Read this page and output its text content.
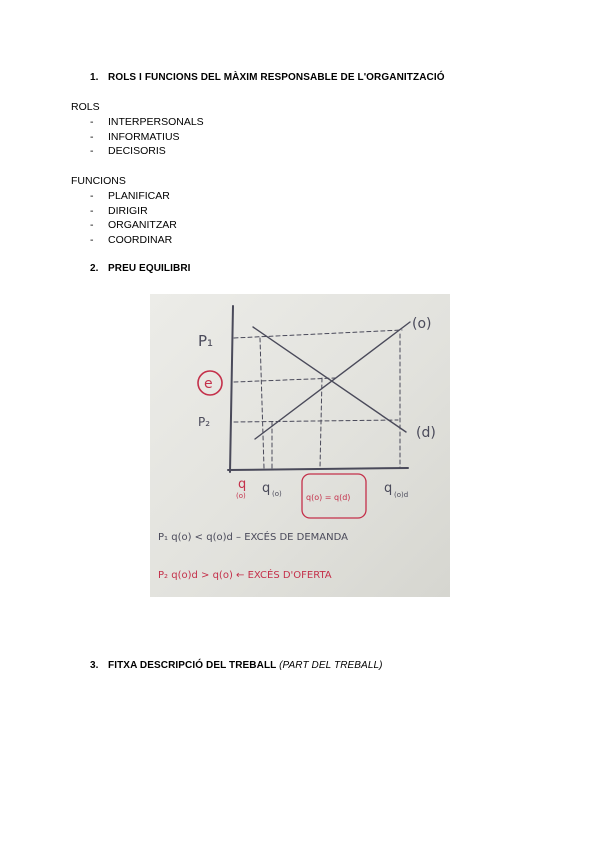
1. ROLS I FUNCIONS DEL MÀXIM RESPONSABLE DE L'ORGANITZACIÓ
ROLS
- INTERPERSONALS
- INFORMATIUS
- DECISORIS
FUNCIONS
- PLANIFICAR
- DIRIGIR
- ORGANITZAR
- COORDINAR
2. PREU EQUILIBRI
P₁
e
P₂
(o)
(d)
q
(o) q (o)	q(o) = q(d)
q (o)d
P₁ q(o) < q(o)d – EXCÉS DE DEMANDA
P₂ q(o)d > q(o) ← EXCÉS D'OFERTA
3. FITXA DESCRIPCIÓ DEL TREBALL (PART DEL TREBALL)
